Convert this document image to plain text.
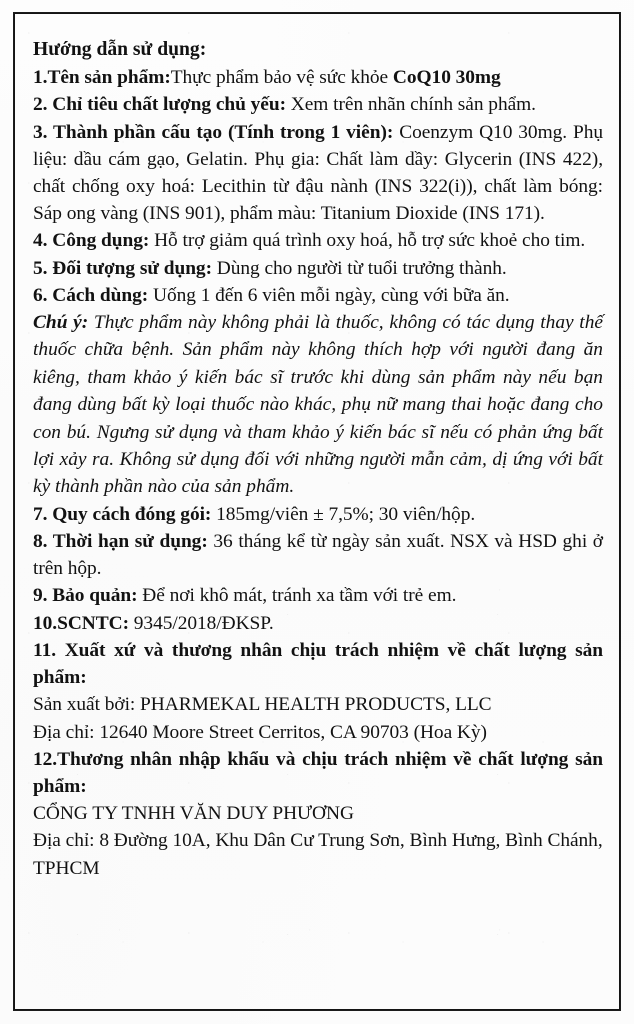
Hướng dẫn sử dụng:

1.Tên sản phẩm:Thực phẩm bảo vệ sức khỏe CoQ10 30mg

2. Chỉ tiêu chất lượng chủ yếu: Xem trên nhãn chính sản phẩm.

3. Thành phần cấu tạo (Tính trong 1 viên): Coenzym Q10 30mg. Phụ liệu: dầu cám gạo, Gelatin. Phụ gia: Chất làm dầy: Glycerin (INS 422), chất chống oxy hoá: Lecithin từ đậu nành (INS 322(i)), chất làm bóng: Sáp ong vàng (INS 901), phẩm màu: Titanium Dioxide (INS 171).

4. Công dụng: Hỗ trợ giảm quá trình oxy hoá, hỗ trợ sức khoẻ cho tim.

5. Đối tượng sử dụng: Dùng cho người từ tuổi trưởng thành.

6. Cách dùng: Uống 1 đến 6 viên mỗi ngày, cùng với bữa ăn.

Chú ý: Thực phẩm này không phải là thuốc, không có tác dụng thay thế thuốc chữa bệnh. Sản phẩm này không thích hợp với người đang ăn kiêng, tham khảo ý kiến bác sĩ trước khi dùng sản phẩm này nếu bạn đang dùng bất kỳ loại thuốc nào khác, phụ nữ mang thai hoặc đang cho con bú. Ngưng sử dụng và tham khảo ý kiến bác sĩ nếu có phản ứng bất lợi xảy ra. Không sử dụng đối với những người mẫn cảm, dị ứng với bất kỳ thành phần nào của sản phẩm.

7. Quy cách đóng gói: 185mg/viên ± 7,5%; 30 viên/hộp.

8. Thời hạn sử dụng: 36 tháng kể từ ngày sản xuất. NSX và HSD ghi ở trên hộp.

9. Bảo quản: Để nơi khô mát, tránh xa tầm với trẻ em.

10.SCNTC: 9345/2018/ĐKSP.

11. Xuất xứ và thương nhân chịu trách nhiệm về chất lượng sản phẩm:

Sản xuất bởi: PHARMEKAL HEALTH PRODUCTS, LLC

Địa chỉ: 12640 Moore Street Cerritos, CA 90703 (Hoa Kỳ)

12.Thương nhân nhập khẩu và chịu trách nhiệm về chất lượng sản phẩm:

CỔNG TY TNHH VĂN DUY PHƯƠNG

Địa chỉ: 8 Đường 10A, Khu Dân Cư Trung Sơn, Bình Hưng, Bình Chánh, TPHCM
